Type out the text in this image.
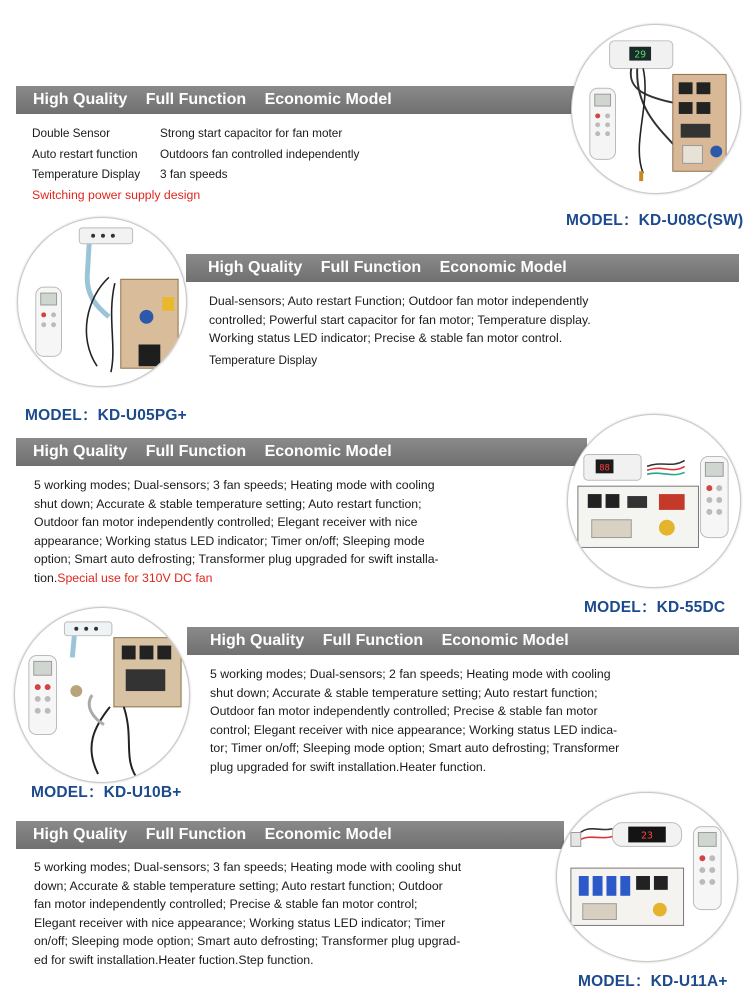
High Quality Full Function Economic Model
Double Sensor	Strong start capacitor for fan moter
Auto restart function	Outdoors fan controlled independently
Temperature Display	3 fan speeds
Switching power supply design
29
MODEL：KD-U08C(SW)
High Quality Full Function Economic Model
Dual-sensors; Auto restart Function; Outdoor fan motor independently
controlled; Powerful start capacitor for fan motor; Temperature display.
Working status LED indicator; Precise & stable fan motor control.
Temperature Display
MODEL：KD-U05PG+
High Quality Full Function Economic Model
5 working modes; Dual-sensors; 3 fan speeds; Heating mode with cooling
shut down; Accurate & stable temperature setting; Auto restart function;
Outdoor fan motor independently controlled; Elegant receiver with nice
appearance; Working status LED indicator; Timer on/off; Sleeping mode
option; Smart auto defrosting; Transformer plug upgraded for swift installa-
tion.Special use for 310V DC fan
88
MODEL：KD-55DC
High Quality Full Function Economic Model
5 working modes; Dual-sensors; 2 fan speeds; Heating mode with cooling
shut down; Accurate & stable temperature setting; Auto restart function;
Outdoor fan motor independently controlled; Precise & stable fan motor
control; Elegant receiver with nice appearance; Working status LED indica-
tor; Timer on/off; Sleeping mode option; Smart auto defrosting; Transformer
plug upgraded for swift installation.Heater function.
MODEL：KD-U10B+
High Quality Full Function Economic Model
5 working modes; Dual-sensors; 3 fan speeds; Heating mode with cooling shut
down; Accurate & stable temperature setting; Auto restart function; Outdoor
fan motor independently controlled; Precise & stable fan motor control;
Elegant receiver with nice appearance; Working status LED indicator; Timer
on/off; Sleeping mode option; Smart auto defrosting; Transformer plug upgrad-
ed for swift installation.Heater fuction.Step function.
23
MODEL：KD-U11A+
